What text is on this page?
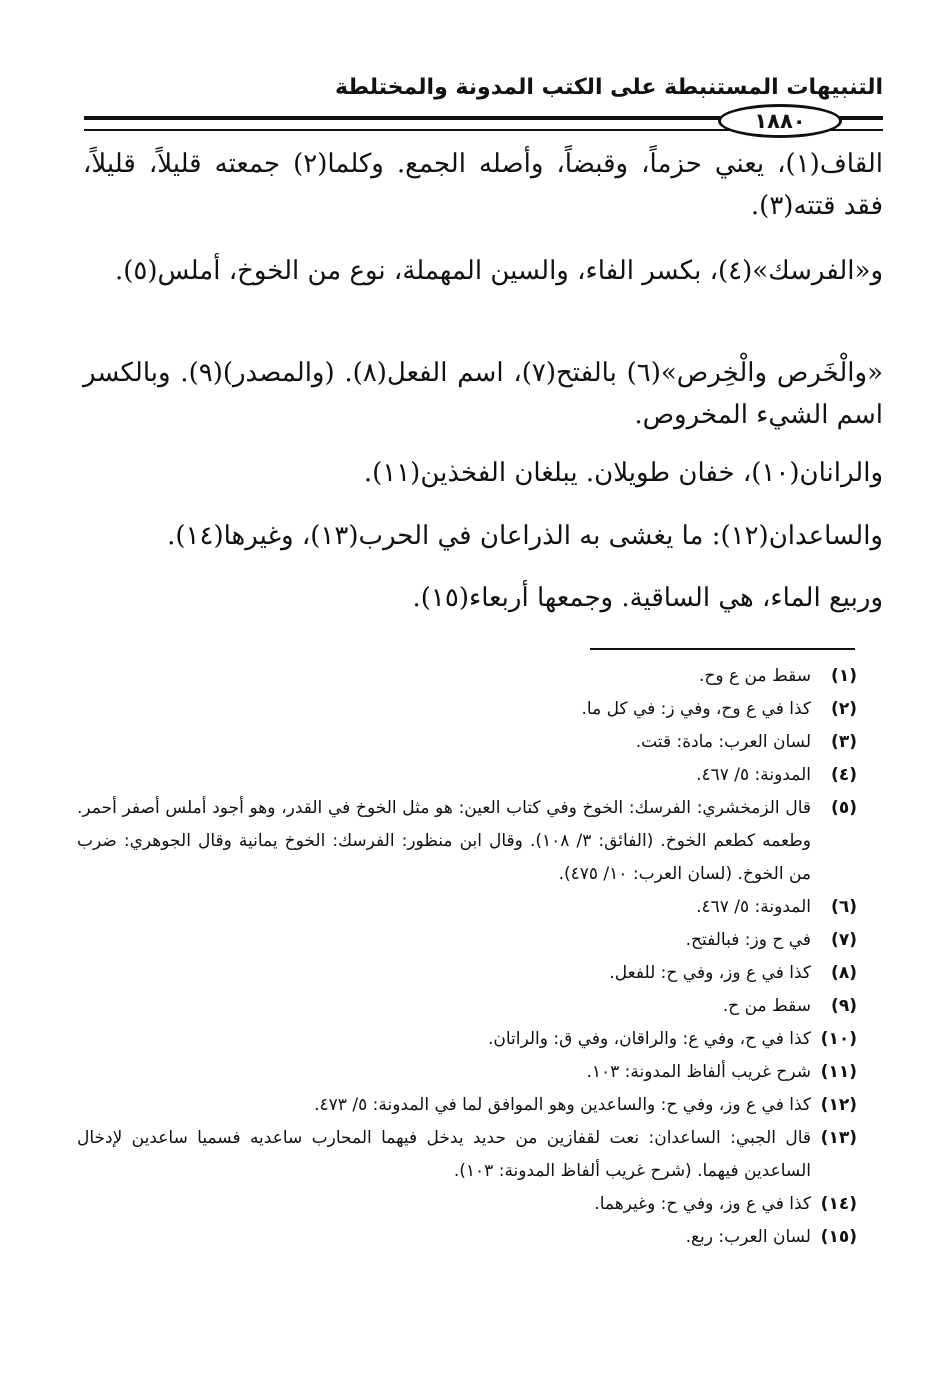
التنبيهات المستنبطة على الكتب المدونة والمختلطة
١٨٨٠

القاف(١)، يعني حزماً، وقبضاً، وأصله الجمع. وكلما(٢) جمعته قليلاً، قليلاً، فقد قتته(٣).

و«الفرسك»(٤)، بكسر الفاء، والسين المهملة، نوع من الخوخ، أملس(٥).

«والْخَرص والْخِرص»(٦) بالفتح(٧)، اسم الفعل(٨). (والمصدر)(٩). وبالكسر اسم الشيء المخروص.

والرانان(١٠)، خفان طويلان. يبلغان الفخذين(١١).

والساعدان(١٢): ما يغشى به الذراعان في الحرب(١٣)، وغيرها(١٤).

وربيع الماء، هي الساقية. وجمعها أربعاء(١٥).

(١)
سقط من ع وح.
(٢)
كذا في ع وح، وفي ز: في كل ما.
(٣)
لسان العرب: مادة: قتت.
(٤)
المدونة: ٥/ ٤٦٧.
(٥)
قال الزمخشري: الفرسك: الخوخ وفي كتاب العين: هو مثل الخوخ في القدر، وهو أجود أملس أصفر أحمر. وطعمه كطعم الخوخ. (الفائق: ٣/ ١٠٨). وقال ابن منظور: الفرسك: الخوخ يمانية وقال الجوهري: ضرب من الخوخ. (لسان العرب: ١٠/ ٤٧٥).
(٦)
المدونة: ٥/ ٤٦٧.
(٧)
في ح وز: فبالفتح.
(٨)
كذا في ع وز، وفي ح: للفعل.
(٩)
سقط من ح.
(١٠)
كذا في ح، وفي ع: والراقان، وفي ق: والراتان.
(١١)
شرح غريب ألفاظ المدونة: ١٠٣.
(١٢)
كذا في ع وز، وفي ح: والساعدين وهو الموافق لما في المدونة: ٥/ ٤٧٣.
(١٣)
قال الجبي: الساعدان: نعت لقفازين من حديد يدخل فيهما المحارب ساعديه فسميا ساعدين لإدخال الساعدين فيهما. (شرح غريب ألفاظ المدونة: ١٠٣).
(١٤)
كذا في ع وز، وفي ح: وغيرهما.
(١٥)
لسان العرب: ربع.
